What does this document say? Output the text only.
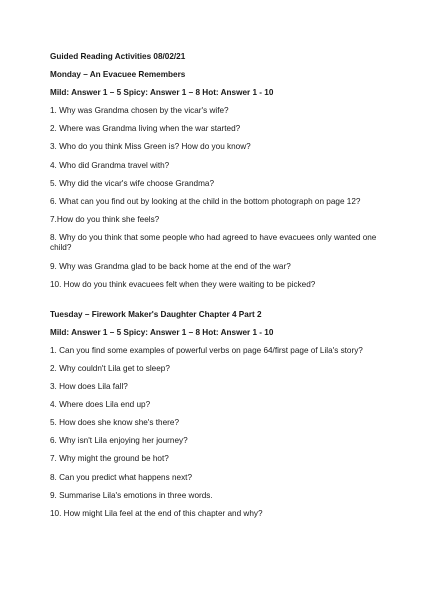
Guided Reading Activities 08/02/21
Monday – An Evacuee Remembers
Mild: Answer 1 – 5 Spicy: Answer 1 – 8 Hot: Answer 1 - 10
1. Why was Grandma chosen by the vicar's wife?
2. Where was Grandma living when the war started?
3. Who do you think Miss Green is? How do you know?
4. Who did Grandma travel with?
5. Why did the vicar's wife choose Grandma?
6. What can you find out by looking at the child in the bottom photograph on page 12?
7.How do you think she feels?
8. Why do you think that some people who had agreed to have evacuees only wanted one child?
9. Why was Grandma glad to be back home at the end of the war?
10. How do you think evacuees felt when they were waiting to be picked?
Tuesday – Firework Maker's Daughter Chapter 4 Part 2
Mild: Answer 1 – 5 Spicy: Answer 1 – 8 Hot: Answer 1 - 10
1. Can you find some examples of powerful verbs on page 64/first page of Lila's story?
2. Why couldn't Lila get to sleep?
3. How does Lila fall?
4. Where does Lila end up?
5. How does she know she's there?
6. Why isn't Lila enjoying her journey?
7. Why might the ground be hot?
8. Can you predict what happens next?
9. Summarise Lila's emotions in three words.
10. How might Lila feel at the end of this chapter and why?
